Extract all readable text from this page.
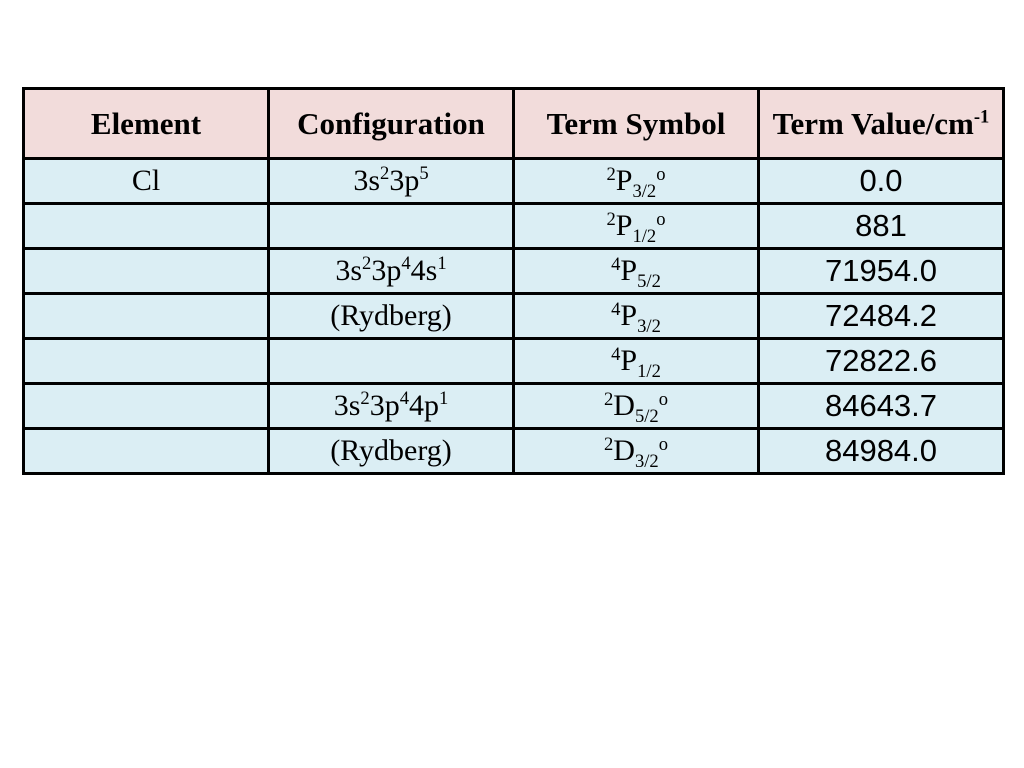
Element	Configuration	Term Symbol	Term Value/$cm^{-1}$
Cl	$3s^23p^5$	$^2P_{3/2}^o$	0.0
		$^2P_{1/2}^o$	881
	$3s^23p^44s^1$	$^4P_{5/2}$	71954.0
	(Rydberg)	$^4P_{3/2}$	72484.2
		$^4P_{1/2}$	72822.6
	$3s^23p^44p^1$	$^2D_{5/2}^o$	84643.7
	(Rydberg)	$^2D_{3/2}^o$	84984.0
